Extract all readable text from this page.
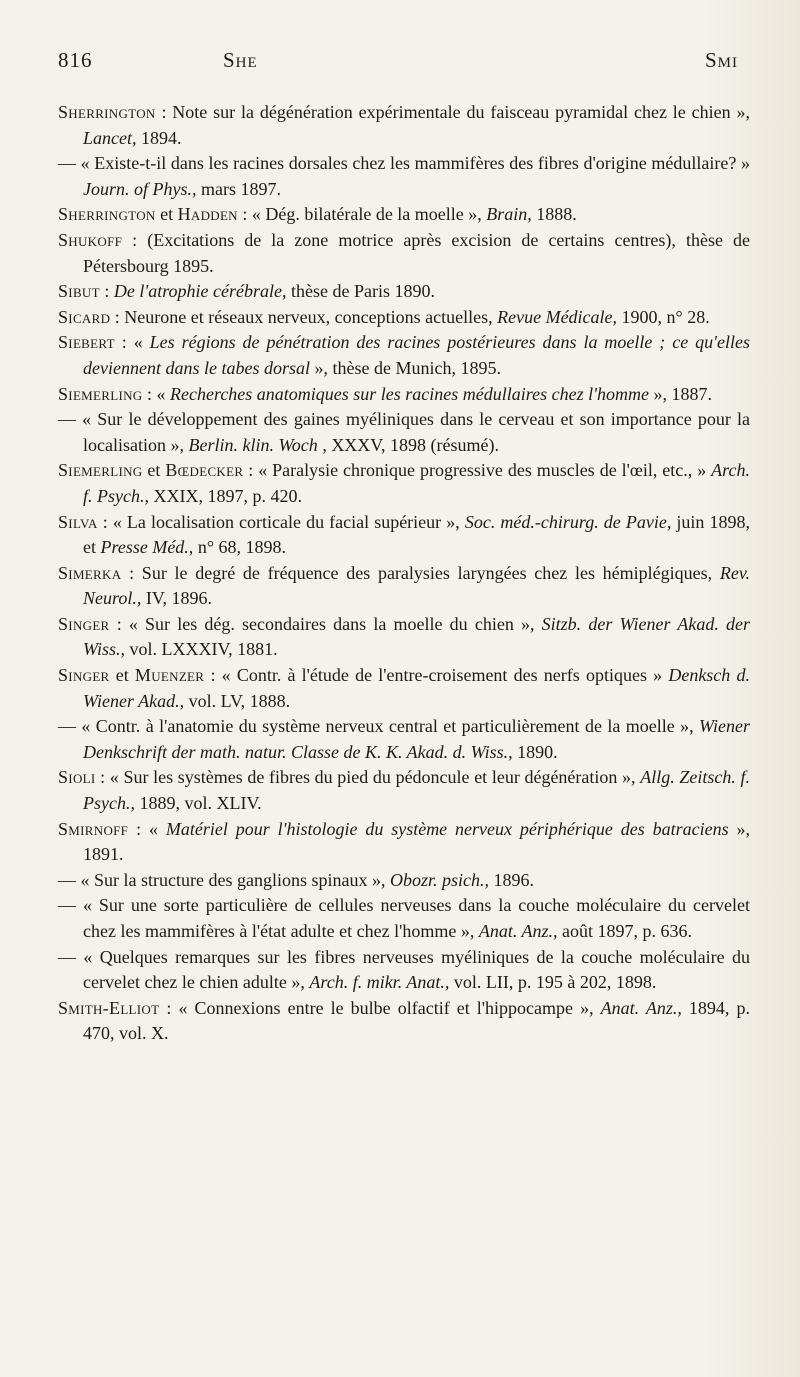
816	She	Smi

Sherrington : Note sur la dégénération expérimentale du faisceau pyramidal chez le chien », Lancet, 1894.

— « Existe-t-il dans les racines dorsales chez les mammifères des fibres d'origine médullaire? » Journ. of Phys., mars 1897.

Sherrington et Hadden : « Dég. bilatérale de la moelle », Brain, 1888.

Shukoff : (Excitations de la zone motrice après excision de certains centres), thèse de Pétersbourg 1895.

Sibut : De l'atrophie cérébrale, thèse de Paris 1890.

Sicard : Neurone et réseaux nerveux, conceptions actuelles, Revue Médicale, 1900, n° 28.

Siebert : « Les régions de pénétration des racines postérieures dans la moelle ; ce qu'elles deviennent dans le tabes dorsal », thèse de Munich, 1895.

Siemerling : « Recherches anatomiques sur les racines médullaires chez l'homme », 1887.

— « Sur le développement des gaines myéliniques dans le cerveau et son importance pour la localisation », Berlin. klin. Woch , XXXV, 1898 (résumé).

Siemerling et Bœdecker : « Paralysie chronique progressive des muscles de l'œil, etc., » Arch. f. Psych., XXIX, 1897, p. 420.

Silva : « La localisation corticale du facial supérieur », Soc. méd.-chirurg. de Pavie, juin 1898, et Presse Méd., n° 68, 1898.

Simerka : Sur le degré de fréquence des paralysies laryngées chez les hémiplégiques, Rev. Neurol., IV, 1896.

Singer : « Sur les dég. secondaires dans la moelle du chien », Sitzb. der Wiener Akad. der Wiss., vol. LXXXIV, 1881.

Singer et Muenzer : « Contr. à l'étude de l'entre-croisement des nerfs optiques » Denksch d. Wiener Akad., vol. LV, 1888.

— « Contr. à l'anatomie du système nerveux central et particulièrement de la moelle », Wiener Denkschrift der math. natur. Classe de K. K. Akad. d. Wiss., 1890.

Sioli : « Sur les systèmes de fibres du pied du pédoncule et leur dégénération », Allg. Zeitsch. f. Psych., 1889, vol. XLIV.

Smirnoff : « Matériel pour l'histologie du système nerveux périphérique des batraciens », 1891.

— « Sur la structure des ganglions spinaux », Obozr. psich., 1896.

— « Sur une sorte particulière de cellules nerveuses dans la couche moléculaire du cervelet chez les mammifères à l'état adulte et chez l'homme », Anat. Anz., août 1897, p. 636.

— « Quelques remarques sur les fibres nerveuses myéliniques de la couche moléculaire du cervelet chez le chien adulte », Arch. f. mikr. Anat., vol. LII, p. 195 à 202, 1898.

Smith-Elliot : « Connexions entre le bulbe olfactif et l'hippocampe », Anat. Anz., 1894, p. 470, vol. X.
